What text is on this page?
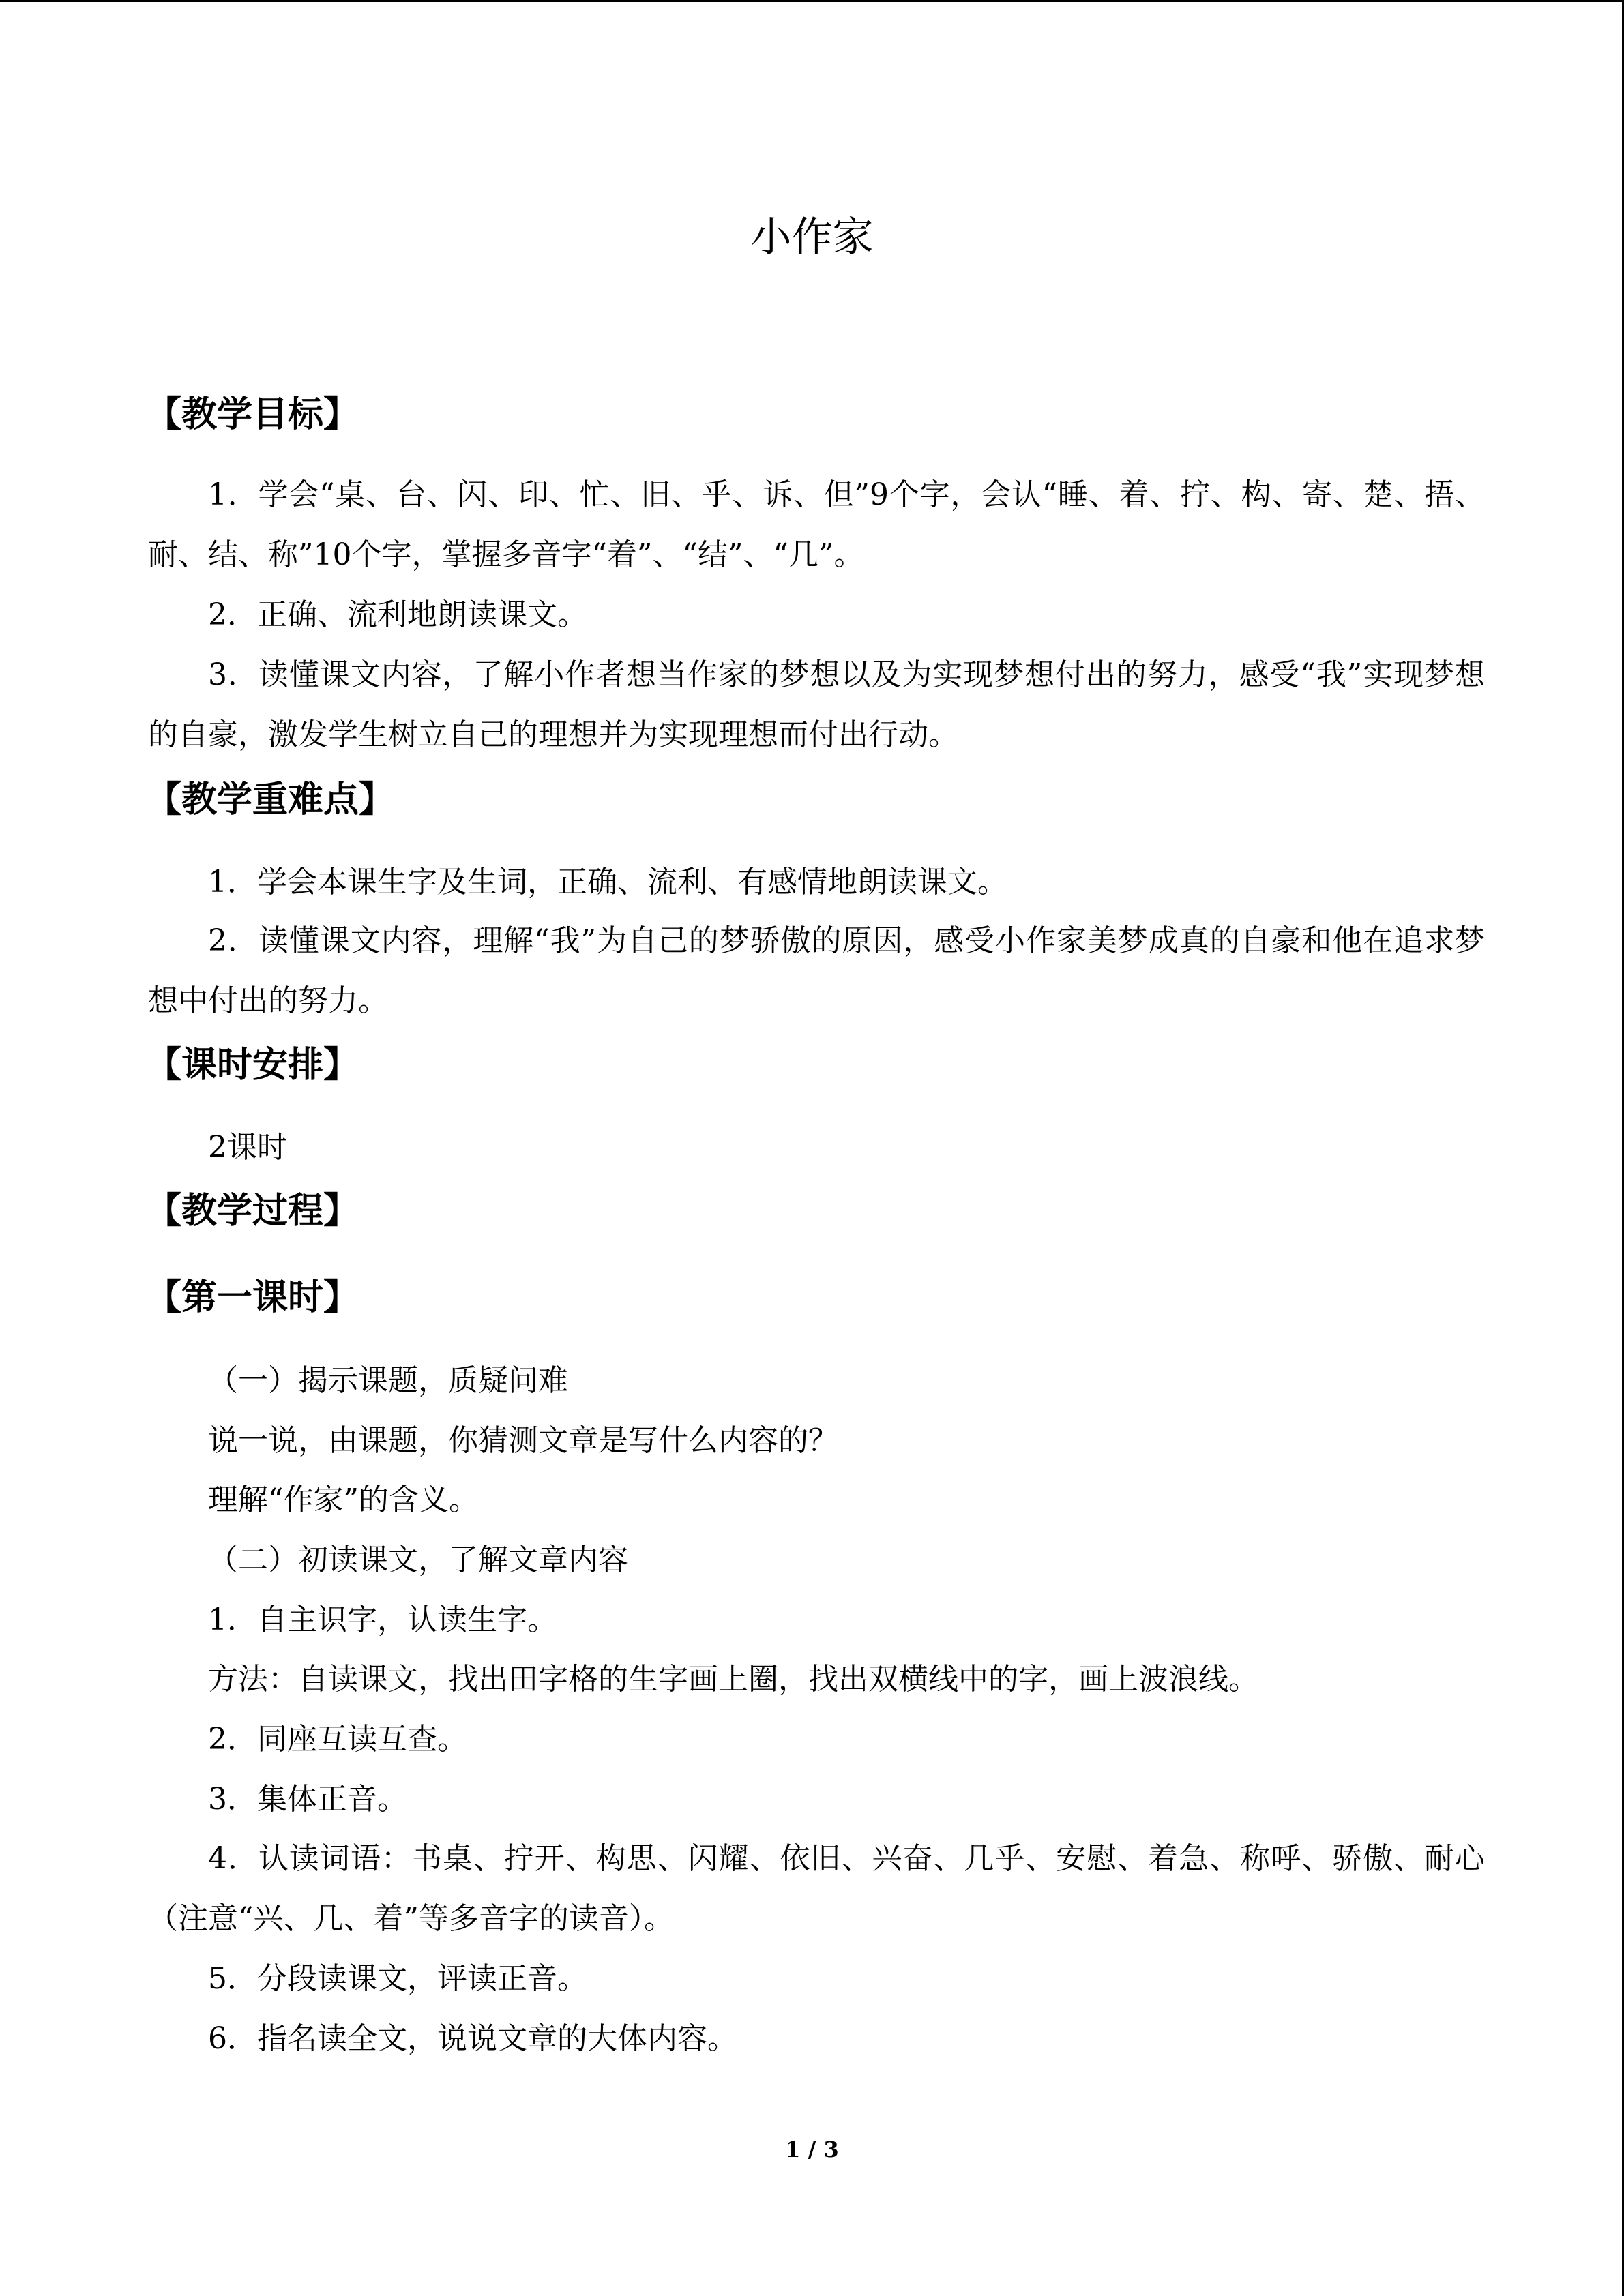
小作家
【教学目标】
1．学会“桌、台、闪、印、忙、旧、乎、诉、但”9个字，会认“睡、着、拧、构、寄、楚、捂、耐、结、称”10个字，掌握多音字“着”、“结”、“几”。
2．正确、流利地朗读课文。
3．读懂课文内容，了解小作者想当作家的梦想以及为实现梦想付出的努力，感受“我”实现梦想的自豪，激发学生树立自己的理想并为实现理想而付出行动。
【教学重难点】
1．学会本课生字及生词，正确、流利、有感情地朗读课文。
2．读懂课文内容，理解“我”为自己的梦骄傲的原因，感受小作家美梦成真的自豪和他在追求梦想中付出的努力。
【课时安排】
2课时
【教学过程】
【第一课时】
（一）揭示课题，质疑问难
说一说，由课题，你猜测文章是写什么内容的？
理解“作家”的含义。
（二）初读课文，了解文章内容
1．自主识字，认读生字。
方法：自读课文，找出田字格的生字画上圈，找出双横线中的字，画上波浪线。
2．同座互读互查。
3．集体正音。
4．认读词语：书桌、拧开、构思、闪耀、依旧、兴奋、几乎、安慰、着急、称呼、骄傲、耐心（注意“兴、几、着”等多音字的读音）。
5．分段读课文，评读正音。
6．指名读全文，说说文章的大体内容。
1 / 3
